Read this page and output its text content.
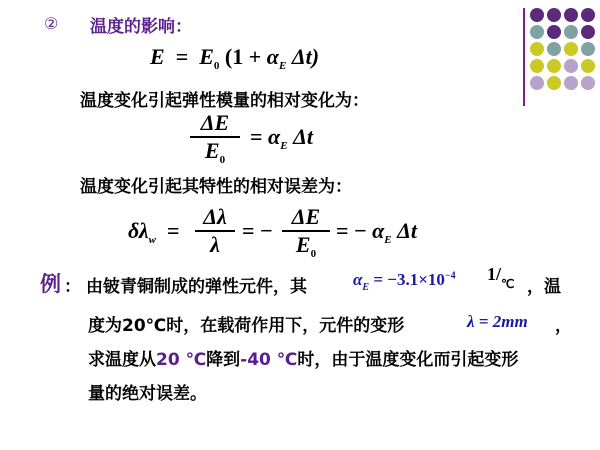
② 温度的影响：
$E = E_0$ ($1 + \alpha_E$ Δt)
温度变化引起弹性模量的相对变化为：
$\frac{\Delta E}{E_0} = \alpha_E$ Δt
温度变化引起其特性的相对误差为：
$\delta\lambda_w = \frac{\Delta\lambda}{\lambda}$ = − $\frac{\Delta E}{E_0}$ = − $\alpha_E$ Δt
例 ： 由铍青铜制成的弹性元件，其	$\alpha_E = -3.1\times 10^{-4}$ $1/_℃$ ，温
度为20℃时，在载荷作用下，元件的变形	λ = 2mm ，
求温度从20 ℃降到-40 ℃时，由于温度变化而引起变形
量的绝对误差。
